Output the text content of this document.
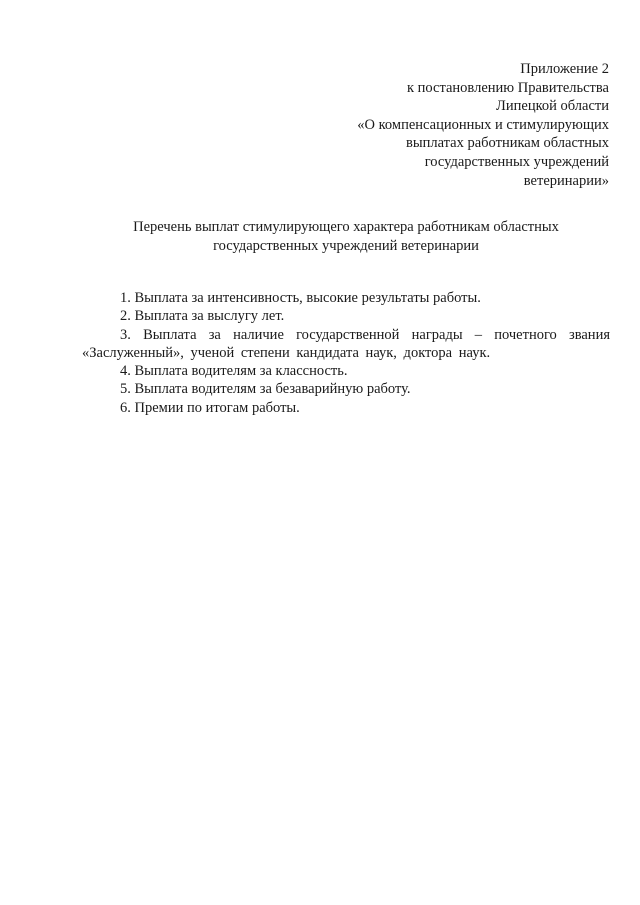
Приложение 2
к постановлению Правительства
Липецкой области
«О компенсационных и стимулирующих
выплатах работникам областных
государственных учреждений
ветеринарии»
Перечень выплат стимулирующего характера работникам областных
государственных учреждений ветеринарии
1. Выплата за интенсивность, высокие результаты работы.
2. Выплата за выслугу лет.
3. Выплата за наличие государственной награды – почетного звания «Заслуженный», ученой степени кандидата наук, доктора наук.
4. Выплата водителям за классность.
5. Выплата водителям за безаварийную работу.
6. Премии по итогам работы.
